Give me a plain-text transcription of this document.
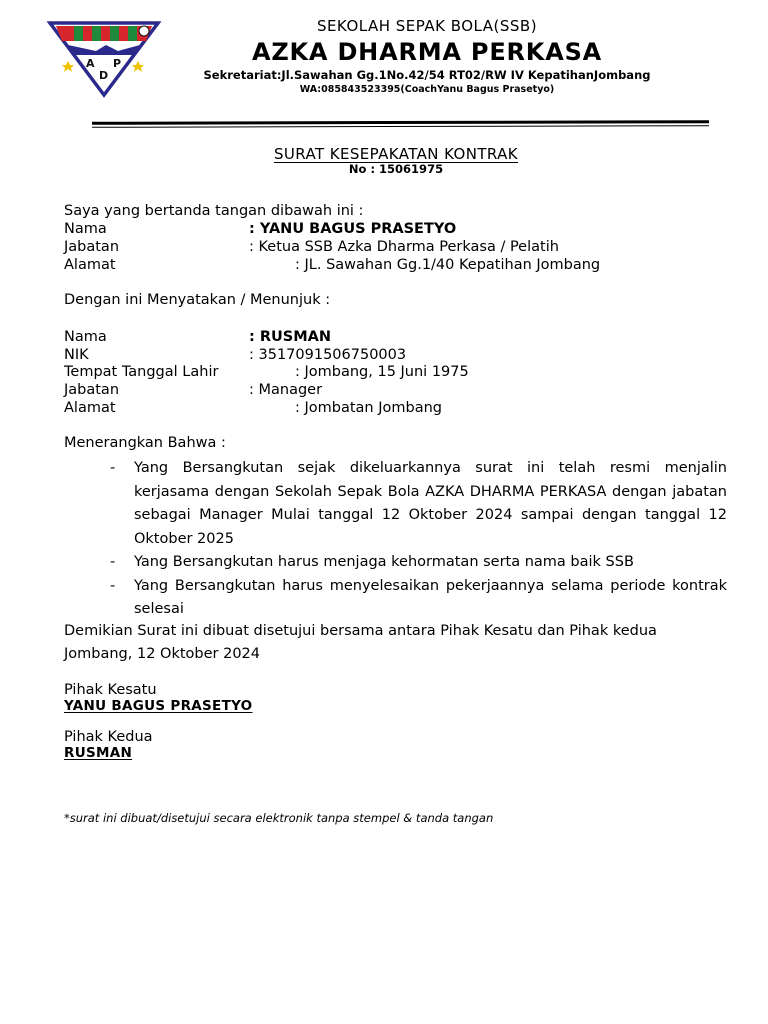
A
D
P
SEKOLAH SEPAK BOLA(SSB)
AZKA DHARMA PERKASA
Sekretariat:Jl.Sawahan Gg.1No.42/54 RT02/RW IV KepatihanJombang
WA:085843523395(CoachYanu Bagus Prasetyo)
SURAT KESEPAKATAN KONTRAK
No : 15061975
Saya yang bertanda tangan dibawah ini :
Nama	: YANU BAGUS PRASETYO
Jabatan	: Ketua SSB Azka Dharma Perkasa / Pelatih
Alamat	: JL. Sawahan Gg.1/40 Kepatihan Jombang
Dengan ini Menyatakan / Menunjuk :
Nama	: RUSMAN
NIK	: 3517091506750003
Tempat Tanggal Lahir	: Jombang, 15 Juni 1975
Jabatan	: Manager
Alamat	: Jombatan Jombang
Menerangkan Bahwa :
-	Yang Bersangkutan sejak dikeluarkannya surat ini telah resmi menjalin kerjasama dengan Sekolah Sepak Bola AZKA DHARMA PERKASA dengan jabatan sebagai Manager Mulai tanggal 12 Oktober 2024 sampai dengan tanggal 12 Oktober 2025
-	Yang Bersangkutan harus menjaga kehormatan serta nama baik SSB
-	Yang Bersangkutan harus menyelesaikan pekerjaannya selama periode kontrak selesai
Demikian Surat ini dibuat disetujui bersama antara Pihak Kesatu dan Pihak kedua
Jombang, 12 Oktober 2024
Pihak Kesatu
YANU BAGUS PRASETYO
Pihak Kedua
RUSMAN
*surat ini dibuat/disetujui secara elektronik tanpa stempel & tanda tangan
